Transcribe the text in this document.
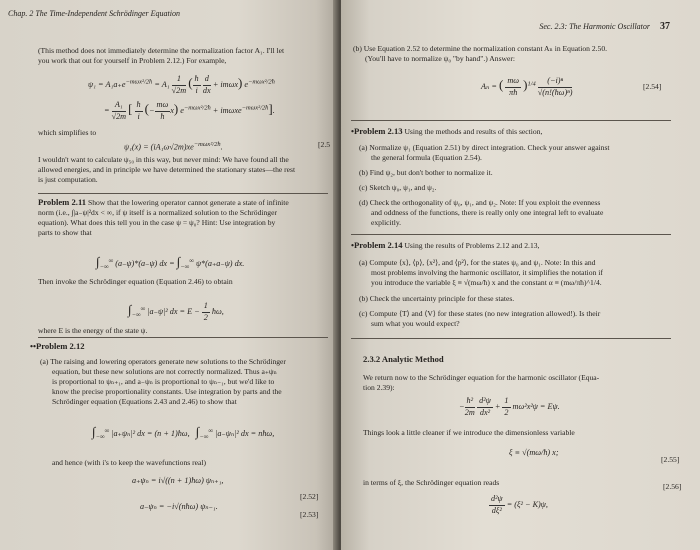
Chap. 2 The Time-Independent Schrödinger Equation
(This method does not immediately determine the normalization factor A₁. I'll let
you work that out for yourself in Problem 2.12.) For example,
$\psi_1 = A_1a_+e^{-m\omega x^2/2ħ} = A_1 \frac{1}{√2m}$ ( $\frac{ħ}{i}$
$\frac{d}{dx} + im\omega x$) $e^{-m\omega x^2/2ħ}$
= $\frac{\text{A₁}}{√2m}$ [ $\frac{ħ}{i}$ (− $\frac{m\omega}{ħ} x$) $e^{-m\omega x^2/2ħ} + im\omega xe^{-m\omega x^2/2ħ}$].
which simplifies to
$\psi_1(x) = (iA_1\omega√2m)xe^{-m\omega x^2/2ħ}$.	[2.5
I wouldn't want to calculate ψ₅₀ in this way, but never mind: We have found all the
allowed energies, and in principle we have determined the stationary states—the rest
is just computation.
Problem 2.11 Show that the lowering operator cannot generate a state of infinite
norm (i.e., ∫|a₋ψ|²dx < ∞, if ψ itself is a normalized solution to the Schrödinger
equation). What does this tell you in the case ψ = ψ₀? Hint: Use integration by
parts to show that
$\int_{-\infty}^\infty$ (a₋ψ)*(a₋ψ) dx = $\int_{-\infty}^\infty$ ψ*(a₊a₋ψ) dx.
Then invoke the Schrödinger equation (Equation 2.46) to obtain
$\int_{-\infty}^\infty$ |a₋ψ|² dx = $E - \frac{1}{2}$ ħω,
where E is the energy of the state ψ.
••Problem 2.12
(a) The raising and lowering operators generate new solutions to the Schrödinger
equation, but these new solutions are not correctly normalized. Thus a₊ψₙ
is proportional to ψₙ₊₁, and a₋ψₙ is proportional to ψₙ₋₁, but we'd like to
know the precise proportionality constants. Use integration by parts and the
Schrödinger equation (Equations 2.43 and 2.46) to show that
$\int_{-\infty}^\infty$ |a₊ψₙ|² dx = (n + 1)ħω, $\int_{-\infty}^\infty$ |a₋ψₙ|² dx = nħω,
and hence (with i's to keep the wavefunctions real)
a₊ψₙ = i√((n + 1)ħω) ψₙ₊₁,
[2.52]
a₋ψₙ = −i√(nħω) ψₙ₋₁.
[2.53]
Sec. 2.3: The Harmonic Oscillator 37
(b) Use Equation 2.52 to determine the normalization constant Aₙ in Equation 2.50.
(You'll have to normalize ψ₀ "by hand".) Answer:
Aₙ = ( $\frac{m\omega}{\pi ħ} )^{1/4} \frac{\text{(−i)ⁿ}}{\text{√(n!(ħω)ⁿ)}}$	[2.54]
•Problem 2.13 Using the methods and results of this section,
(a) Normalize ψ₁ (Equation 2.51) by direct integration. Check your answer against
the general formula (Equation 2.54).
(b) Find ψ₂, but don't bother to normalize it.
(c) Sketch ψ₀, ψ₁, and ψ₂.
(d) Check the orthogonality of ψ₀, ψ₁, and ψ₂. Note: If you exploit the evenness
and oddness of the functions, there is really only one integral left to evaluate
explicitly.
•Problem 2.14 Using the results of Problems 2.12 and 2.13,
(a) Compute ⟨x⟩, ⟨p⟩, ⟨x²⟩, and ⟨p²⟩, for the states ψ₀ and ψ₁. Note: In this and
most problems involving the harmonic oscillator, it simplifies the notation if
you introduce the variable ξ ≡ √(mω/ħ) x and the constant α ≡ (mω/πħ)^1/4.
(b) Check the uncertainty principle for these states.
(c) Compute ⟨T⟩ and ⟨V⟩ for these states (no new integration allowed!). Is their
sum what you would expect?
2.3.2 Analytic Method
We return now to the Schrödinger equation for the harmonic oscillator (Equa-
tion 2.39):
− $\frac{\text{ħ²}}{2m}$
$\frac{\text{d²ψ}}{\text{dx²}} + \frac{1}{2} m\omega^2x^2\psi = E\psi$.
Things look a little cleaner if we introduce the dimensionless variable
ξ ≡ √(mω/ħ) x;
[2.55]
in terms of ξ, the Schrödinger equation reads
$\frac{\text{d²ψ}}{\text{dξ²}} = (\xi^2 - K)\psi$,
[2.56]
